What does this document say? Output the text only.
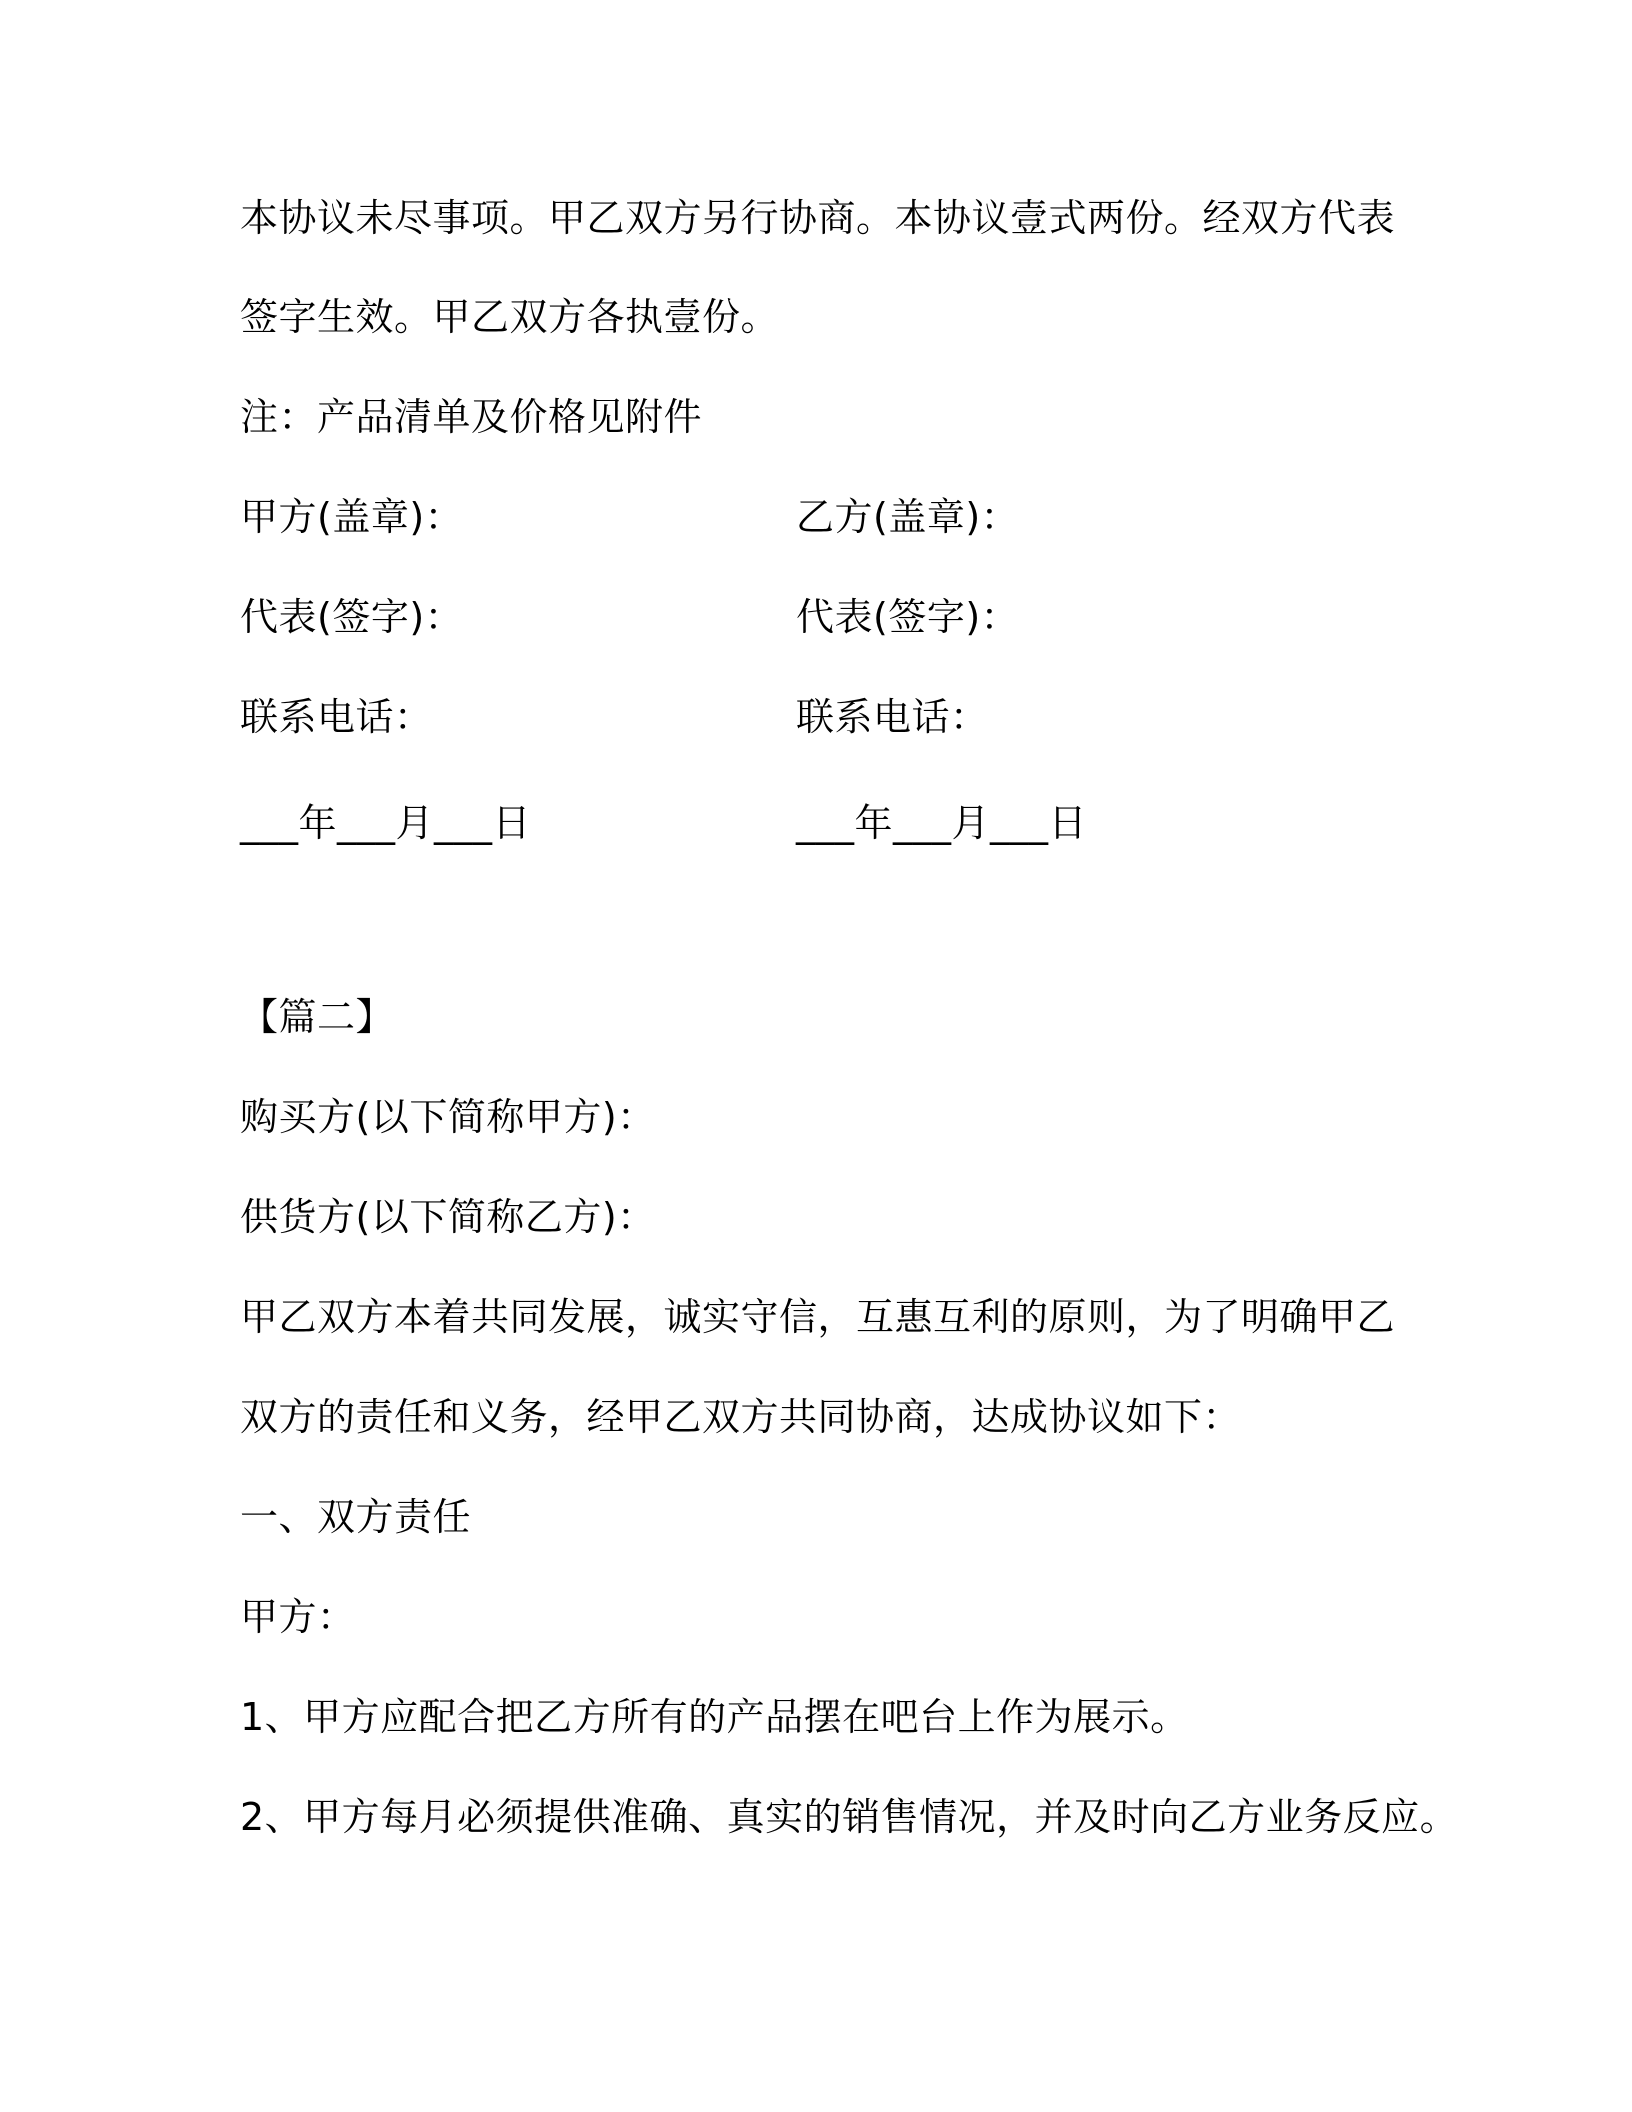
本协议未尽事项。甲乙双方另行协商。本协议壹式两份。经双方代表
签字生效。甲乙双方各执壹份。
注：产品清单及价格见附件
甲方(盖章)：	乙方(盖章)：
代表(签字)：	代表(签字)：
联系电话：	联系电话：
___年___月___日	___年___月___日
【篇二】
购买方(以下简称甲方)：
供货方(以下简称乙方)：
甲乙双方本着共同发展，诚实守信，互惠互利的原则，为了明确甲乙
双方的责任和义务，经甲乙双方共同协商，达成协议如下：
一、双方责任
甲方：
1、甲方应配合把乙方所有的产品摆在吧台上作为展示。
2、甲方每月必须提供准确、真实的销售情况，并及时向乙方业务反应。
